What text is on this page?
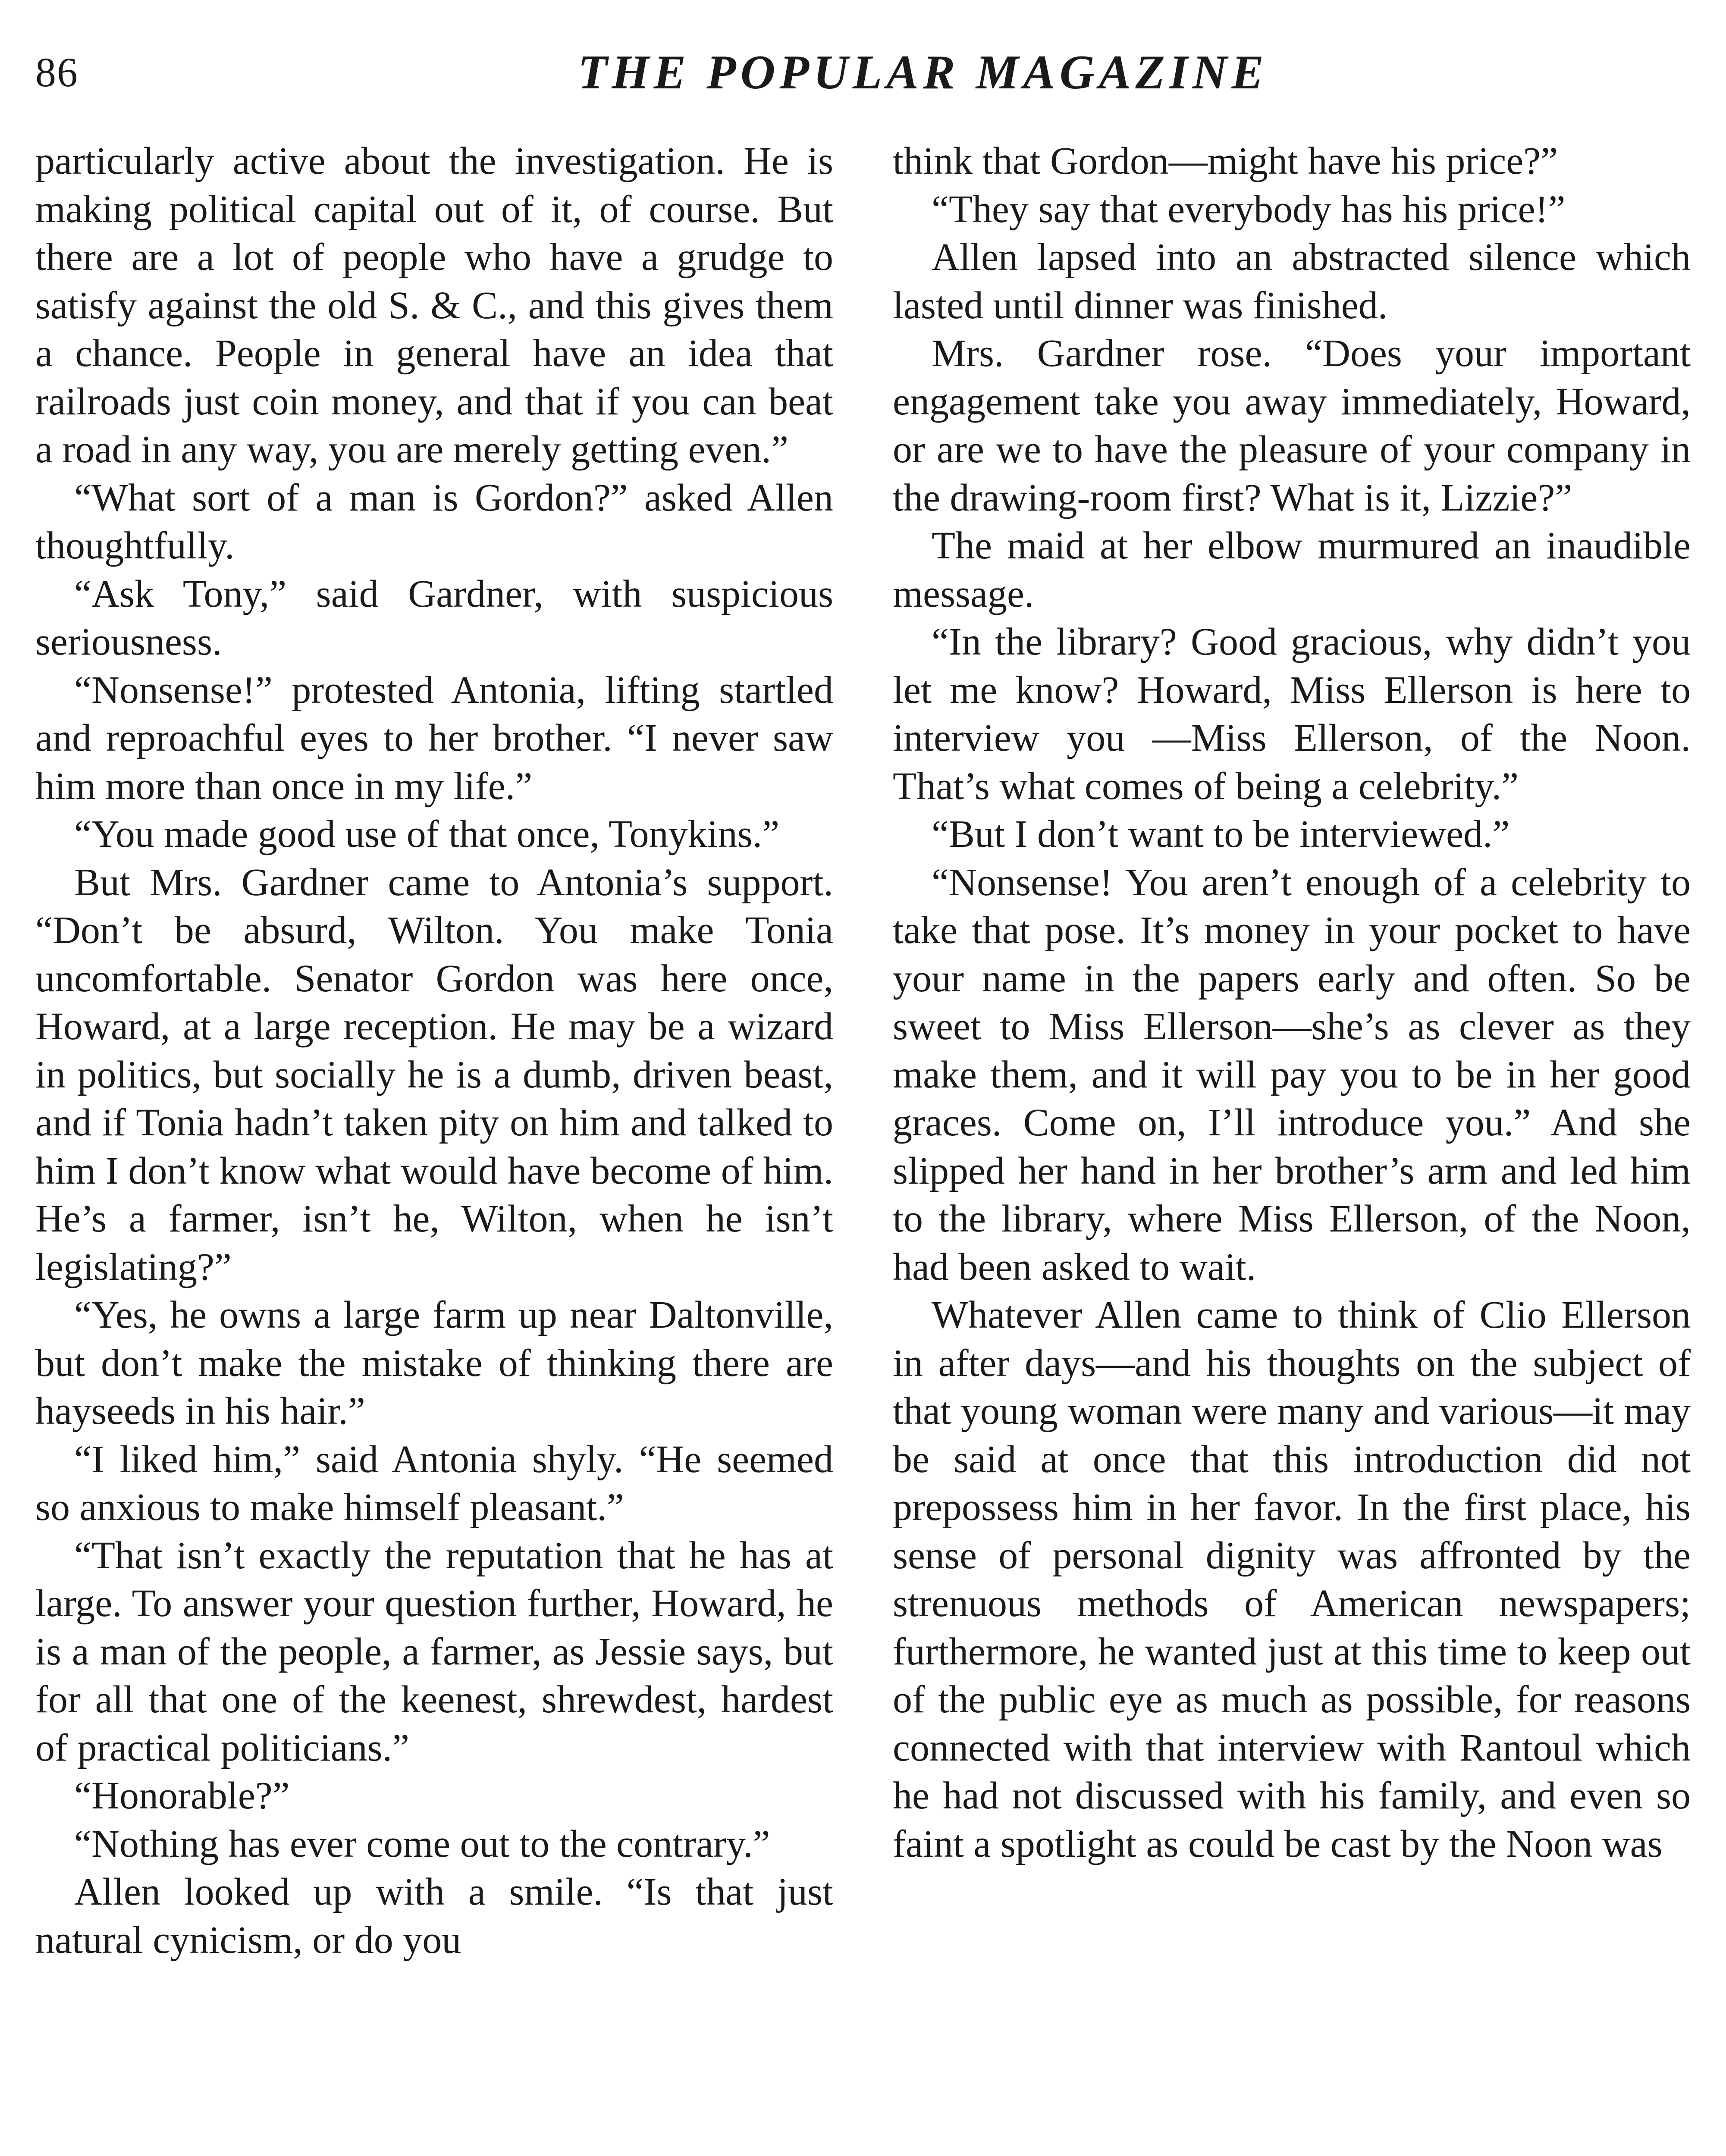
86	THE POPULAR MAGAZINE

particularly active about the investigation. He is making political capital out of it, of course. But there are a lot of people who have a grudge to satisfy against the old S. & C., and this gives them a chance. People in general have an idea that railroads just coin money, and that if you can beat a road in any way, you are merely getting even.”

“What sort of a man is Gordon?” asked Allen thoughtfully.

“Ask Tony,” said Gardner, with suspicious seriousness.

“Nonsense!” protested Antonia, lifting startled and reproachful eyes to her brother. “I never saw him more than once in my life.”

“You made good use of that once, Tonykins.”

But Mrs. Gardner came to Antonia’s support. “Don’t be absurd, Wilton. You make Tonia uncomfortable. Senator Gordon was here once, Howard, at a large reception. He may be a wizard in politics, but socially he is a dumb, driven beast, and if Tonia hadn’t taken pity on him and talked to him I don’t know what would have become of him. He’s a farmer, isn’t he, Wilton, when he isn’t legislating?”

“Yes, he owns a large farm up near Daltonville, but don’t make the mistake of thinking there are hayseeds in his hair.”

“I liked him,” said Antonia shyly. “He seemed so anxious to make himself pleasant.”

“That isn’t exactly the reputation that he has at large. To answer your question further, Howard, he is a man of the people, a farmer, as Jessie says, but for all that one of the keenest, shrewdest, hardest of practical politicians.”

“Honorable?”

“Nothing has ever come out to the contrary.”

Allen looked up with a smile. “Is that just natural cynicism, or do you

think that Gordon—might have his price?”

“They say that everybody has his price!”

Allen lapsed into an abstracted silence which lasted until dinner was finished.

Mrs. Gardner rose. “Does your important engagement take you away immediately, Howard, or are we to have the pleasure of your company in the drawing-room first? What is it, Lizzie?”

The maid at her elbow murmured an inaudible message.

“In the library? Good gracious, why didn’t you let me know? Howard, Miss Ellerson is here to interview you —Miss Ellerson, of the Noon. That’s what comes of being a celebrity.”

“But I don’t want to be interviewed.”

“Nonsense! You aren’t enough of a celebrity to take that pose. It’s money in your pocket to have your name in the papers early and often. So be sweet to Miss Ellerson—she’s as clever as they make them, and it will pay you to be in her good graces. Come on, I’ll introduce you.” And she slipped her hand in her brother’s arm and led him to the library, where Miss Ellerson, of the Noon, had been asked to wait.

Whatever Allen came to think of Clio Ellerson in after days—and his thoughts on the subject of that young woman were many and various—it may be said at once that this introduction did not prepossess him in her favor. In the first place, his sense of personal dignity was affronted by the strenuous methods of American newspapers; furthermore, he wanted just at this time to keep out of the public eye as much as possible, for reasons connected with that interview with Rantoul which he had not discussed with his family, and even so faint a spotlight as could be cast by the Noon was
